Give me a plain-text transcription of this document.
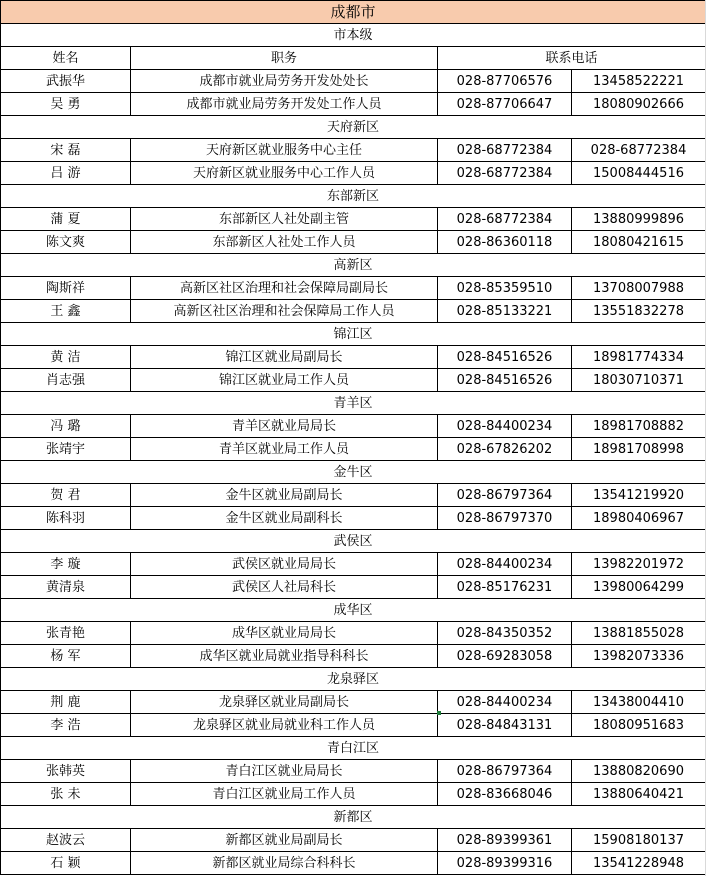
成都市			
市本级			
姓名	职务	联系电话	
武振华	成都市就业局劳务开发处处长	028-87706576	13458522221
吴 勇	成都市就业局劳务开发处工作人员	028-87706647	18080902666
天府新区			
宋 磊	天府新区就业服务中心主任	028-68772384	028-68772384
吕 游	天府新区就业服务中心工作人员	028-68772384	15008444516
东部新区			
蒲 夏	东部新区人社处副主管	028-68772384	13880999896
陈文爽	东部新区人社处工作人员	028-86360118	18080421615
高新区			
陶斯祥	高新区社区治理和社会保障局副局长	028-85359510	13708007988
王 鑫	高新区社区治理和社会保障局工作人员	028-85133221	13551832278
锦江区			
黄 洁	锦江区就业局副局长	028-84516526	18981774334
肖志强	锦江区就业局工作人员	028-84516526	18030710371
青羊区			
冯 璐	青羊区就业局局长	028-84400234	18981708882
张靖宇	青羊区就业局工作人员	028-67826202	18981708998
金牛区			
贺 君	金牛区就业局副局长	028-86797364	13541219920
陈科羽	金牛区就业局副科长	028-86797370	18980406967
武侯区			
李 璇	武侯区就业局局长	028-84400234	13982201972
黄清泉	武侯区人社局科长	028-85176231	13980064299
成华区			
张青艳	成华区就业局局长	028-84350352	13881855028
杨 军	成华区就业局就业指导科科长	028-69283058	13982073336
龙泉驿区			
荆 鹿	龙泉驿区就业局副局长	028-84400234	13438004410
李 浩	龙泉驿区就业局就业科工作人员	028-84843131	18080951683
青白江区			
张韩英	青白江区就业局局长	028-86797364	13880820690
张 未	青白江区就业局工作人员	028-83668046	13880640421
新都区			
赵波云	新都区就业局副局长	028-89399361	15908180137
石 颖	新都区就业局综合科科长	028-89399316	13541228948
